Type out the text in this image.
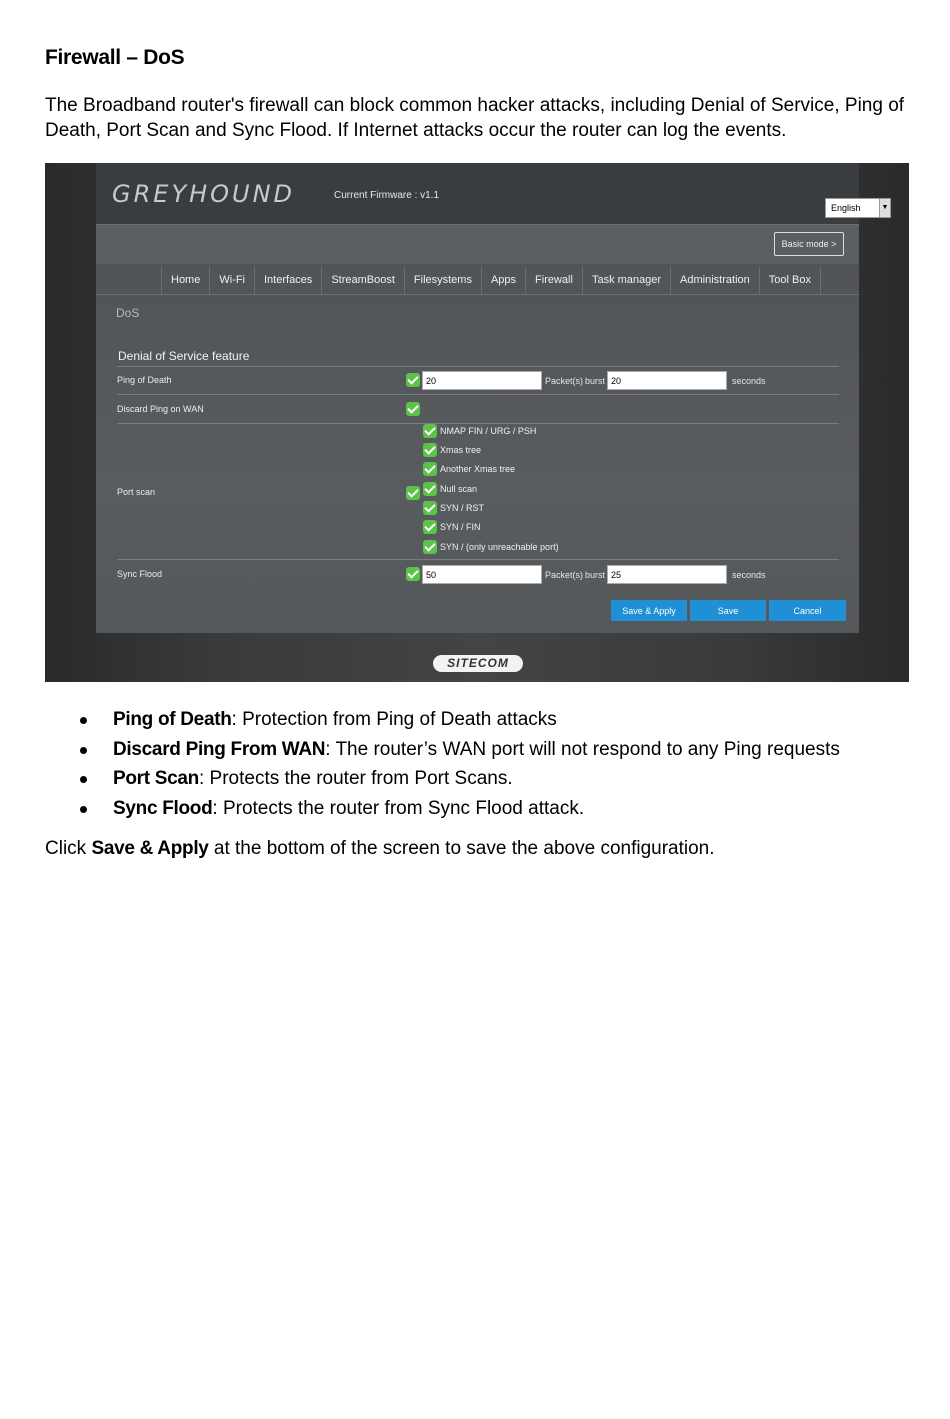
Firewall – DoS
The Broadband router's firewall can block common hacker attacks, including Denial of Service, Ping of Death, Port Scan and Sync Flood. If Internet attacks occur the router can log the events.
GREYHOUND	Current Firmware : v1.1
English	▼
Basic mode >
Home	Wi-Fi	Interfaces	StreamBoost	Filesystems	Apps	Firewall	Task manager	Administration	Tool Box
DoS
Denial of Service feature
Ping of Death	20	Packet(s) burst 20	seconds
Discard Ping on WAN
Port scan
NMAP FIN / URG / PSH
Xmas tree
Another Xmas tree
Null scan
SYN / RST
SYN / FIN
SYN / (only unreachable port)
Sync Flood	50	Packet(s) burst 25	seconds
Save & Apply	Save	Cancel
SITECOM
Ping of Death: Protection from Ping of Death attacks
Discard Ping From WAN: The router’s WAN port will not respond to any Ping requests
Port Scan: Protects the router from Port Scans.
Sync Flood: Protects the router from Sync Flood attack.
Click Save & Apply at the bottom of the screen to save the above configuration.
